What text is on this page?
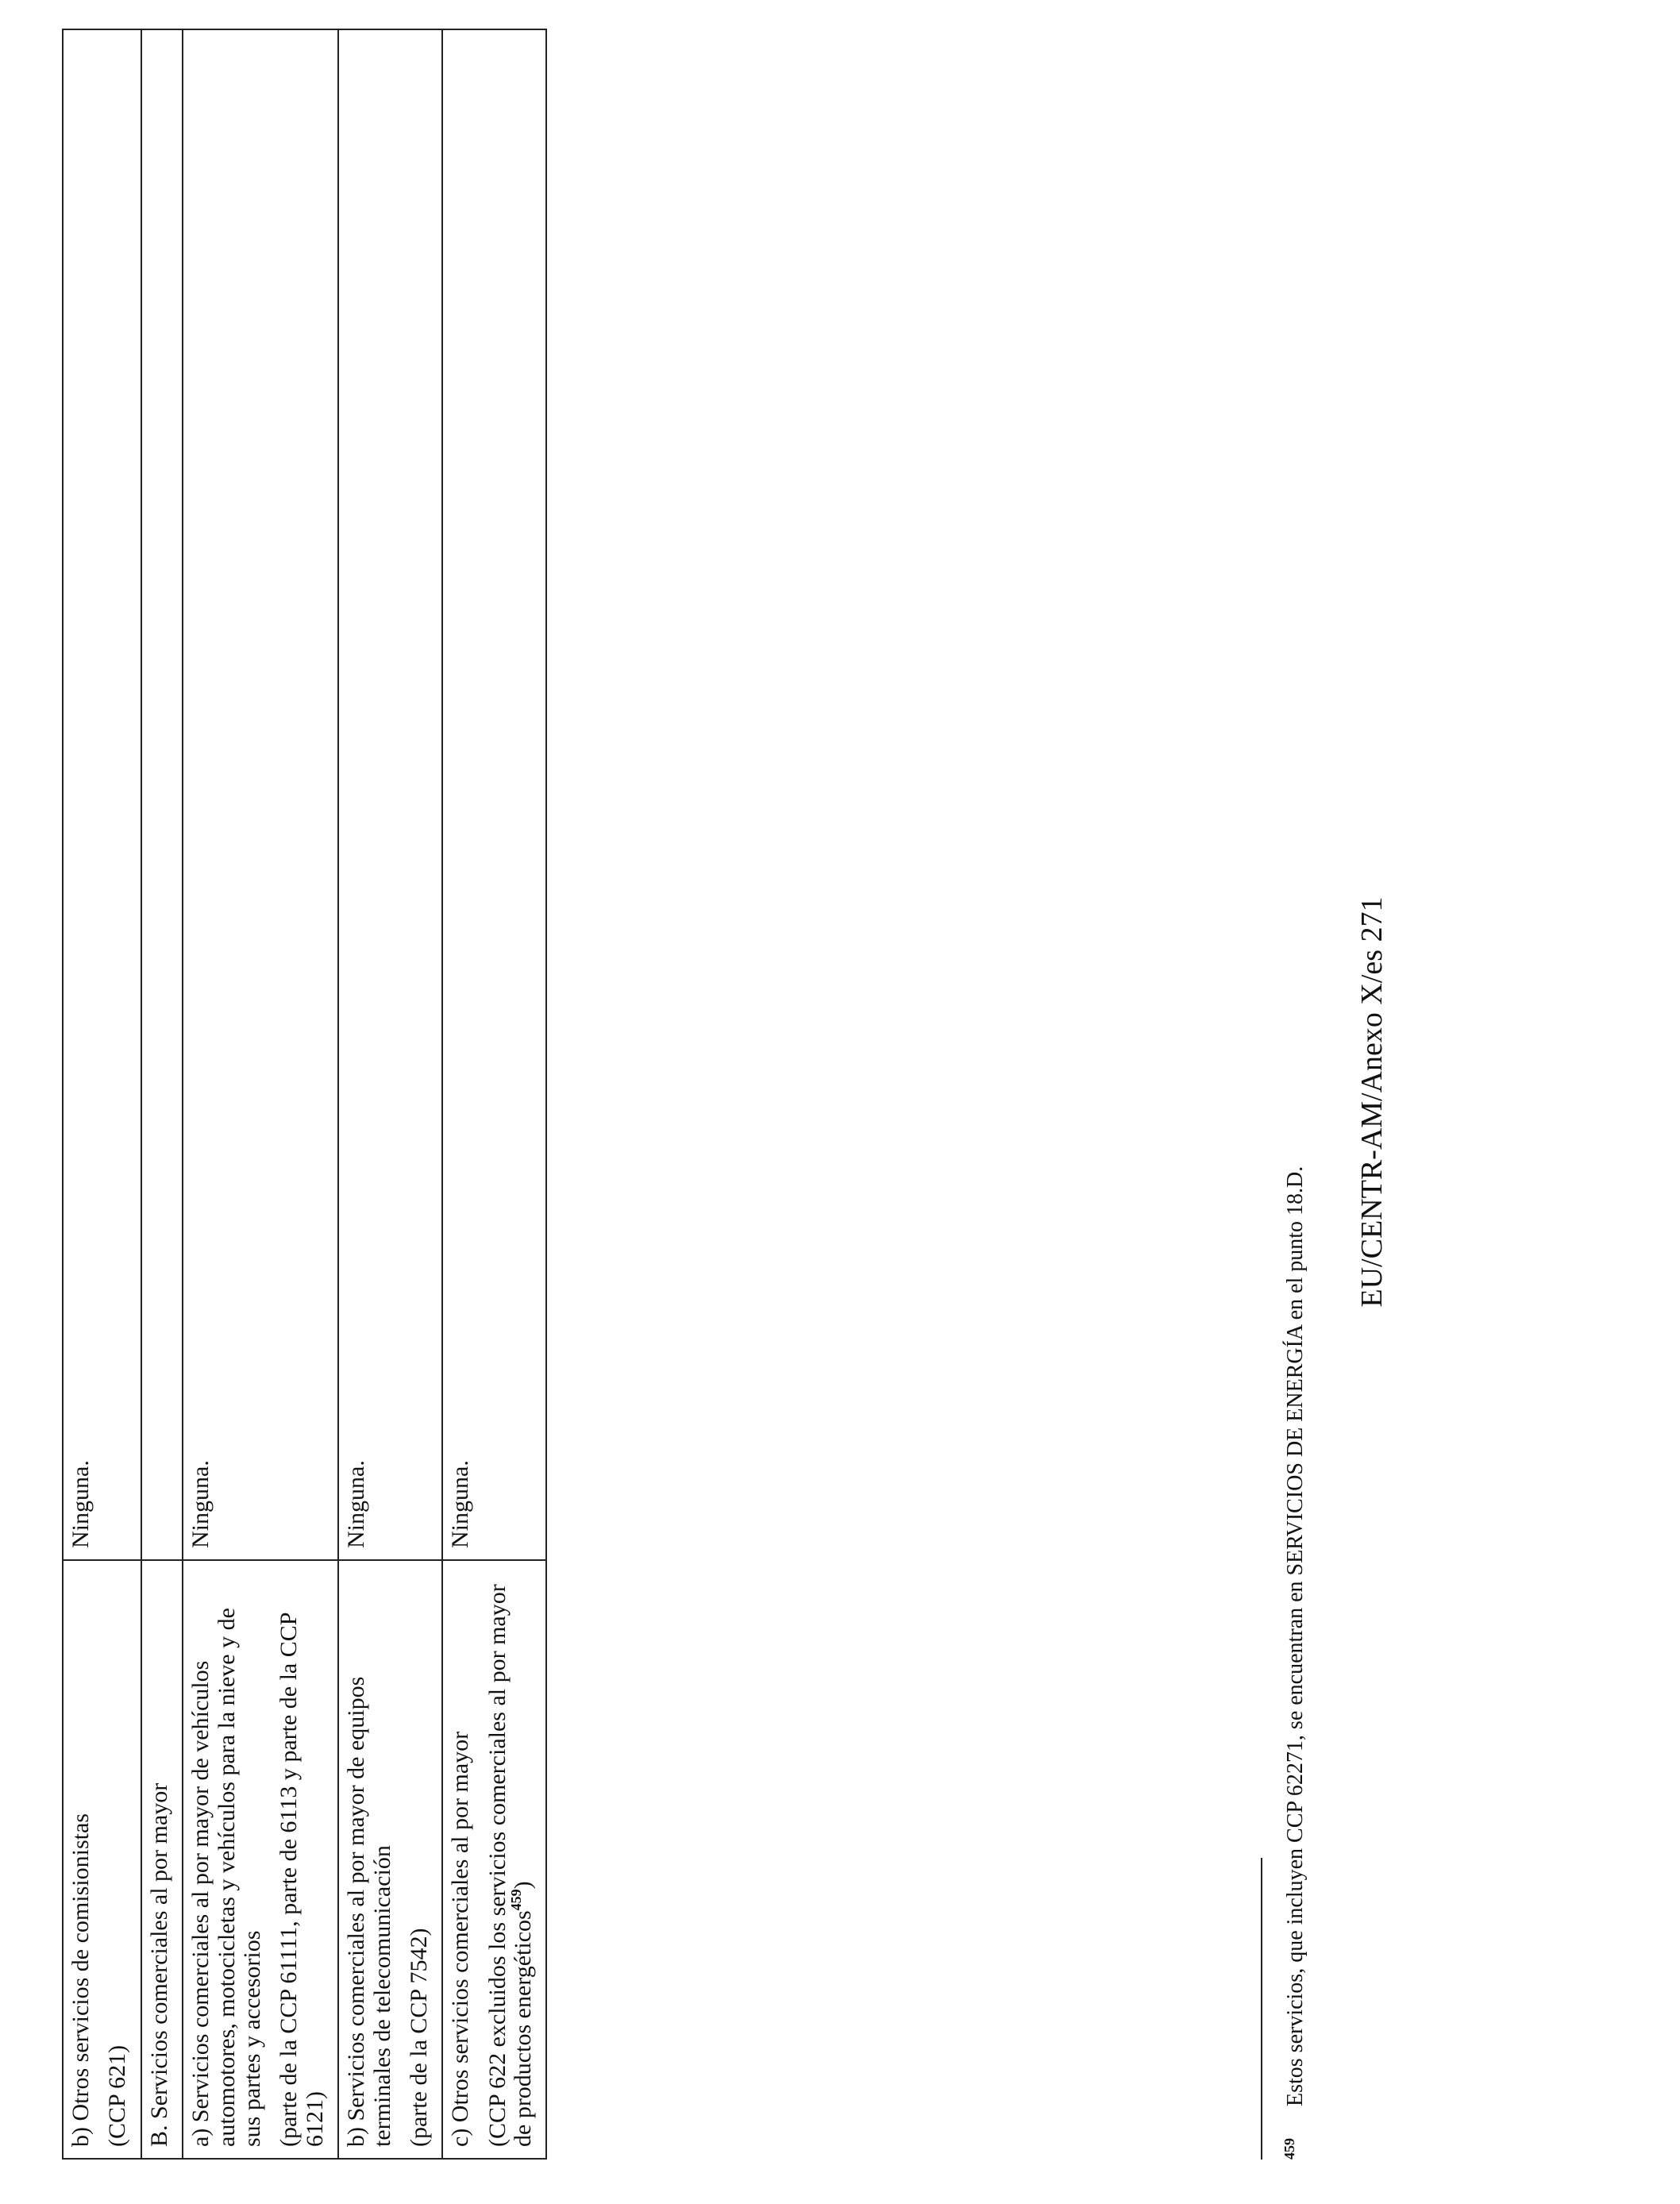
b) Otros servicios de comisionistas (CCP 621)	Ninguna.

B. Servicios comerciales al por mayor	

a) Servicios comerciales al por mayor de vehículos automotores, motocicletas y vehículos para la nieve y de sus partes y accesorios (parte de la CCP 61111, parte de 6113 y parte de la CCP 6121)	Ninguna.

b) Servicios comerciales al por mayor de equipos terminales de telecomunicación (parte de la CCP 7542)	Ninguna.

c) Otros servicios comerciales al por mayor (CCP 622 excluidos los servicios comerciales al por mayor de productos energéticos$^{459}$)	Ninguna.

$^{459}$Estos servicios, que incluyen CCP 62271, se encuentran en SERVICIOS DE ENERGÍA en el punto 18.D.
EU/CENTR-AM/Anexo X/es 271
